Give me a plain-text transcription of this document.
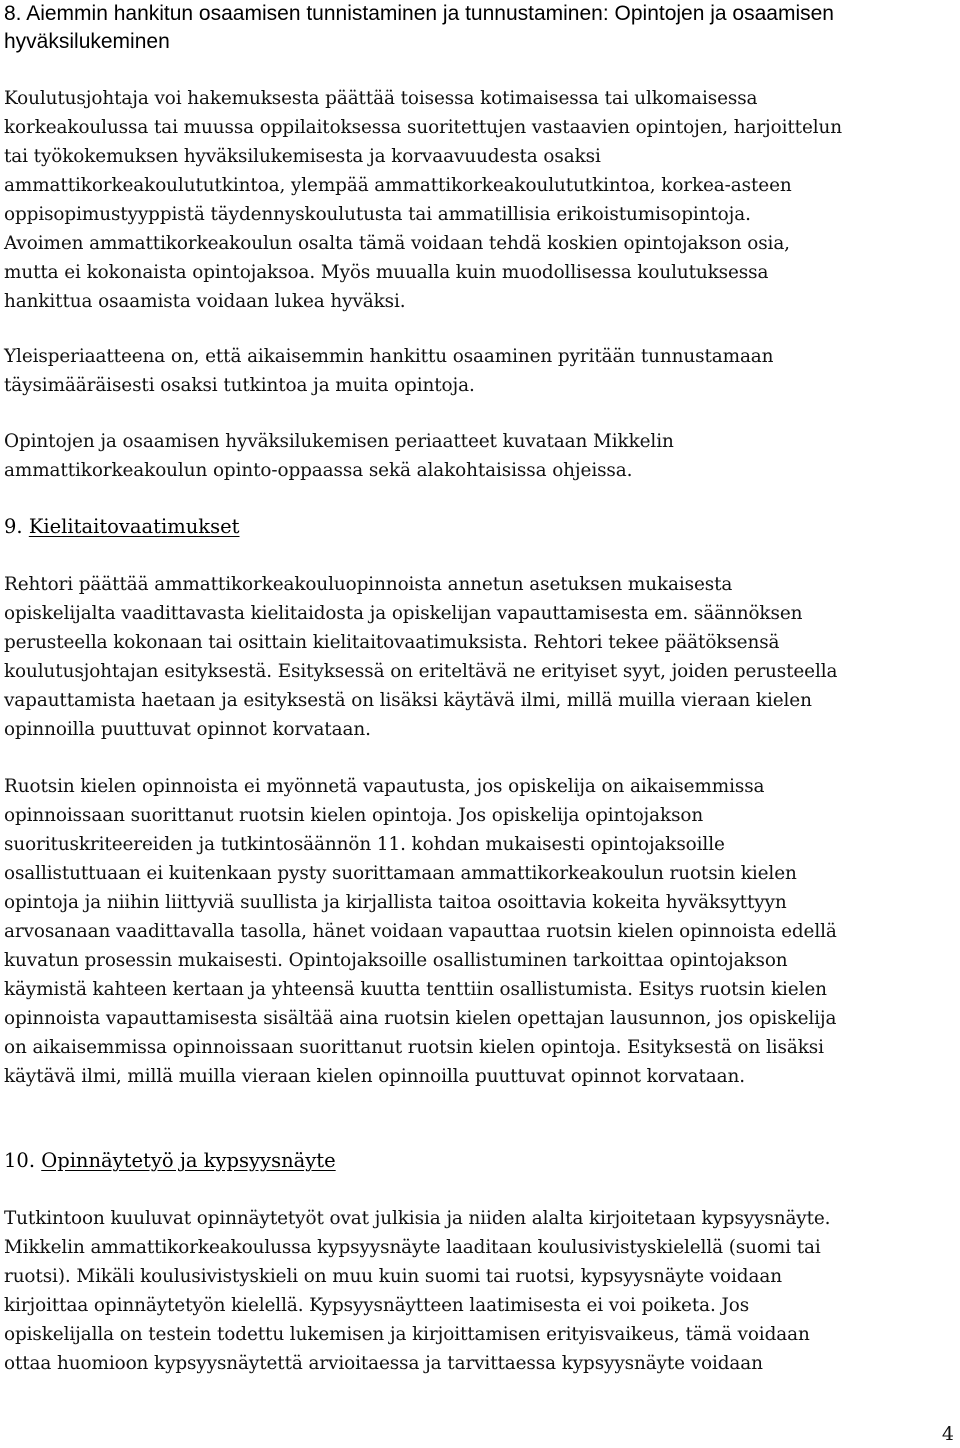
8. Aiemmin hankitun osaamisen tunnistaminen ja tunnustaminen: Opintojen ja osaamisen
hyväksilukeminen
Koulutusjohtaja voi hakemuksesta päättää toisessa kotimaisessa tai ulkomaisessa
korkeakoulussa tai muussa oppilaitoksessa suoritettujen vastaavien opintojen, harjoittelun
tai työkokemuksen hyväksilukemisesta ja korvaavuudesta osaksi
ammattikorkeakoulututkintoa, ylempää ammattikorkeakoulututkintoa, korkea-asteen
oppisopimustyyppistä täydennyskoulutusta tai ammatillisia erikoistumisopintoja.
Avoimen ammattikorkeakoulun osalta tämä voidaan tehdä koskien opintojakson osia,
mutta ei kokonaista opintojaksoa. Myös muualla kuin muodollisessa koulutuksessa
hankittua osaamista voidaan lukea hyväksi.
Yleisperiaatteena on, että aikaisemmin hankittu osaaminen pyritään tunnustamaan
täysimääräisesti osaksi tutkintoa ja muita opintoja.
Opintojen ja osaamisen hyväksilukemisen periaatteet kuvataan Mikkelin
ammattikorkeakoulun opinto-oppaassa sekä alakohtaisissa ohjeissa.
9. Kielitaitovaatimukset
Rehtori päättää ammattikorkeakouluopinnoista annetun asetuksen mukaisesta
opiskelijalta vaadittavasta kielitaidosta ja opiskelijan vapauttamisesta em. säännöksen
perusteella kokonaan tai osittain kielitaitovaatimuksista. Rehtori tekee päätöksensä
koulutusjohtajan esityksestä. Esityksessä on eriteltävä ne erityiset syyt, joiden perusteella
vapauttamista haetaan ja esityksestä on lisäksi käytävä ilmi, millä muilla vieraan kielen
opinnoilla puuttuvat opinnot korvataan.
Ruotsin kielen opinnoista ei myönnetä vapautusta, jos opiskelija on aikaisemmissa
opinnoissaan suorittanut ruotsin kielen opintoja. Jos opiskelija opintojakson
suorituskriteereiden ja tutkintosäännön 11. kohdan mukaisesti opintojaksoille
osallistuttuaan ei kuitenkaan pysty suorittamaan ammattikorkeakoulun ruotsin kielen
opintoja ja niihin liittyviä suullista ja kirjallista taitoa osoittavia kokeita hyväksyttyyn
arvosanaan vaadittavalla tasolla, hänet voidaan vapauttaa ruotsin kielen opinnoista edellä
kuvatun prosessin mukaisesti. Opintojaksoille osallistuminen tarkoittaa opintojakson
käymistä kahteen kertaan ja yhteensä kuutta tenttiin osallistumista. Esitys ruotsin kielen
opinnoista vapauttamisesta sisältää aina ruotsin kielen opettajan lausunnon, jos opiskelija
on aikaisemmissa opinnoissaan suorittanut ruotsin kielen opintoja. Esityksestä on lisäksi
käytävä ilmi, millä muilla vieraan kielen opinnoilla puuttuvat opinnot korvataan.
10. Opinnäytetyö ja kypsyysnäyte
Tutkintoon kuuluvat opinnäytetyöt ovat julkisia ja niiden alalta kirjoitetaan kypsyysnäyte.
Mikkelin ammattikorkeakoulussa kypsyysnäyte laaditaan koulusivistyskielellä (suomi tai
ruotsi). Mikäli koulusivistyskieli on muu kuin suomi tai ruotsi, kypsyysnäyte voidaan
kirjoittaa opinnäytetyön kielellä. Kypsyysnäytteen laatimisesta ei voi poiketa. Jos
opiskelijalla on testein todettu lukemisen ja kirjoittamisen erityisvaikeus, tämä voidaan
ottaa huomioon kypsyysnäytettä arvioitaessa ja tarvittaessa kypsyysnäyte voidaan
4
